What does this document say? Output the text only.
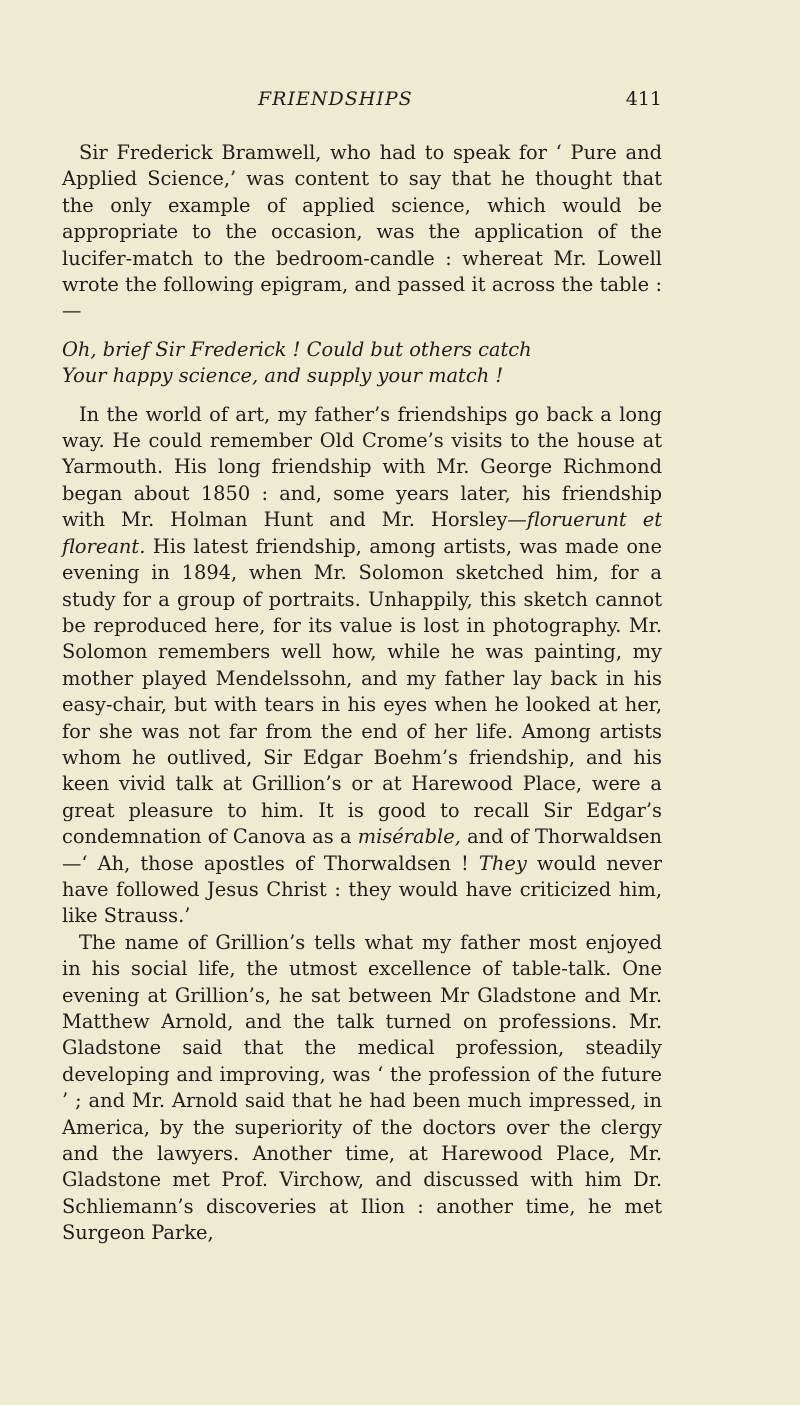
FRIENDSHIPS	411

Sir Frederick Bramwell, who had to speak for ‘ Pure and Applied Science,’ was content to say that he thought that the only example of applied science, which would be appropriate to the occasion, was the application of the lucifer-match to the bedroom-candle : whereat Mr. Lowell wrote the following epigram, and passed it across the table :—

Oh, brief Sir Frederick ! Could but others catch
Your happy science, and supply your match !

In the world of art, my father’s friendships go back a long way. He could remember Old Crome’s visits to the house at Yarmouth. His long friendship with Mr. George Richmond began about 1850 : and, some years later, his friendship with Mr. Holman Hunt and Mr. Horsley—floruerunt et floreant. His latest friendship, among artists, was made one evening in 1894, when Mr. Solomon sketched him, for a study for a group of portraits. Unhappily, this sketch cannot be reproduced here, for its value is lost in photography. Mr. Solomon remembers well how, while he was painting, my mother played Mendelssohn, and my father lay back in his easy-chair, but with tears in his eyes when he looked at her, for she was not far from the end of her life. Among artists whom he outlived, Sir Edgar Boehm’s friendship, and his keen vivid talk at Grillion’s or at Harewood Place, were a great pleasure to him. It is good to recall Sir Edgar’s condemnation of Canova as a misérable, and of Thorwaldsen—‘ Ah, those apostles of Thorwaldsen ! They would never have followed Jesus Christ : they would have criticized him, like Strauss.’

The name of Grillion’s tells what my father most enjoyed in his social life, the utmost excellence of table-talk. One evening at Grillion’s, he sat between Mr Gladstone and Mr. Matthew Arnold, and the talk turned on professions. Mr. Gladstone said that the medical profession, steadily developing and improving, was ‘ the profession of the future ’ ; and Mr. Arnold said that he had been much impressed, in America, by the superiority of the doctors over the clergy and the lawyers. Another time, at Harewood Place, Mr. Gladstone met Prof. Virchow, and discussed with him Dr. Schliemann’s discoveries at Ilion : another time, he met Surgeon Parke,
